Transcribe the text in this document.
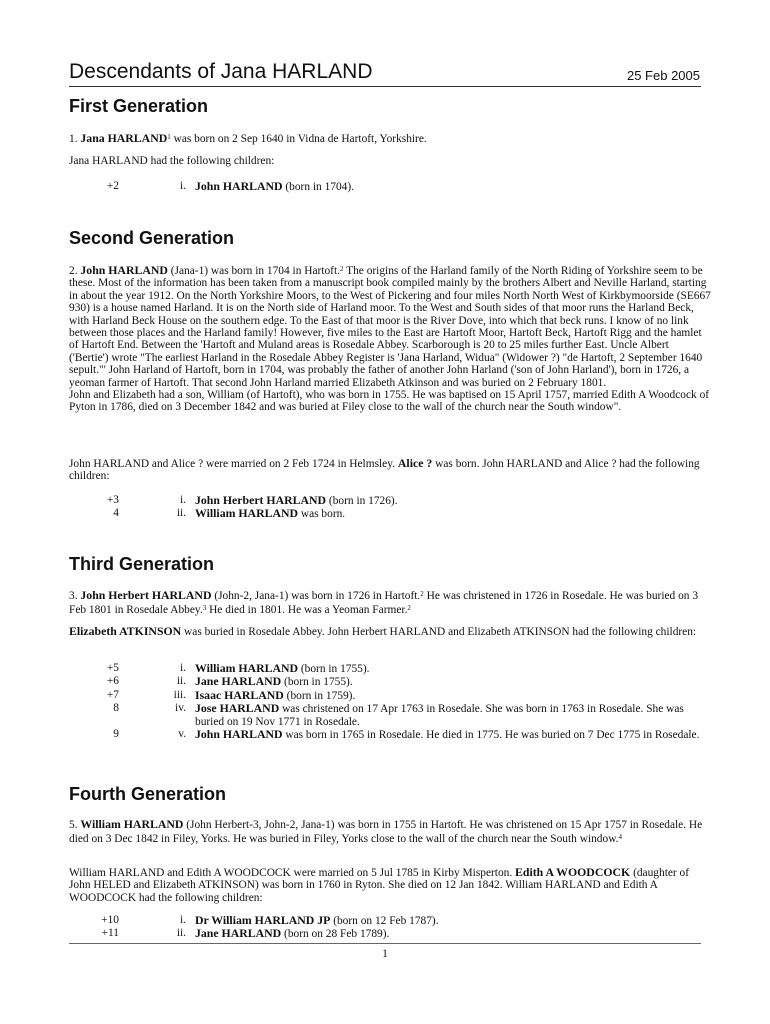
Descendants of Jana HARLAND	25 Feb 2005
First Generation
1. Jana HARLAND$^1$ was born on 2 Sep 1640 in Vidna de Hartoft, Yorkshire.
Jana HARLAND had the following children:
+2	i. John HARLAND (born in 1704).
Second Generation
2. John HARLAND (Jana-1) was born in 1704 in Hartoft.$^2$ The origins of the Harland family of the North Riding of Yorkshire seem to be these. Most of the information has been taken from a manuscript book compiled mainly by the brothers Albert and Neville Harland, starting in about the year 1912. On the North Yorkshire Moors, to the West of Pickering and four miles North North West of Kirkbymoorside (SE667 930) is a house named Harland. It is on the North side of Harland moor. To the West and South sides of that moor runs the Harland Beck, with Harland Beck House on the southern edge. To the East of that moor is the River Dove, into which that beck runs. I know of no link between those places and the Harland family! However, five miles to the East are Hartoft Moor, Hartoft Beck, Hartoft Rigg and the hamlet of Hartoft End. Between the 'Hartoft and Muland areas is Rosedale Abbey. Scarborough is 20 to 25 miles further East. Uncle Albert ('Bertie') wrote "The earliest Harland in the Rosedale Abbey Register is 'Jana Harland, Widua" (Widower ?) "de Hartoft, 2 September 1640 sepult."' John Harland of Hartoft, born in 1704, was probably the father of another John Harland ('son of John Harland'), born in 1726, a yeoman farmer of Hartoft. That second John Harland married Elizabeth Atkinson and was buried on 2 February 1801.
John and Elizabeth had a son, William (of Hartoft), who was born in 1755. He was baptised on 15 April 1757, married Edith A Woodcock of Pyton in 1786, died on 3 December 1842 and was buried at Filey close to the wall of the church near the South window".
John HARLAND and Alice ? were married on 2 Feb 1724 in Helmsley. Alice ? was born. John HARLAND and Alice ? had the following children:
+3	i. John Herbert HARLAND (born in 1726).
4	ii. William HARLAND was born.
Third Generation
3. John Herbert HARLAND (John-2, Jana-1) was born in 1726 in Hartoft.$^2$ He was christened in 1726 in Rosedale. He was buried on 3 Feb 1801 in Rosedale Abbey.$^3$ He died in 1801. He was a Yeoman Farmer.$^2$
Elizabeth ATKINSON was buried in Rosedale Abbey. John Herbert HARLAND and Elizabeth ATKINSON had the following children:
+5	i. William HARLAND (born in 1755).
+6	ii. Jane HARLAND (born in 1755).
+7	iii. Isaac HARLAND (born in 1759).
8	iv. Jose HARLAND was christened on 17 Apr 1763 in Rosedale. She was born in 1763 in Rosedale. She was buried on 19 Nov 1771 in Rosedale.
9	v. John HARLAND was born in 1765 in Rosedale. He died in 1775. He was buried on 7 Dec 1775 in Rosedale.
Fourth Generation
5. William HARLAND (John Herbert-3, John-2, Jana-1) was born in 1755 in Hartoft. He was christened on 15 Apr 1757 in Rosedale. He died on 3 Dec 1842 in Filey, Yorks. He was buried in Filey, Yorks close to the wall of the church near the South window.$^4$
William HARLAND and Edith A WOODCOCK were married on 5 Jul 1785 in Kirby Misperton. Edith A WOODCOCK (daughter of John HELED and Elizabeth ATKINSON) was born in 1760 in Ryton. She died on 12 Jan 1842. William HARLAND and Edith A WOODCOCK had the following children:
+10	i. Dr William HARLAND JP (born on 12 Feb 1787).
+11	ii. Jane HARLAND (born on 28 Feb 1789).
1
